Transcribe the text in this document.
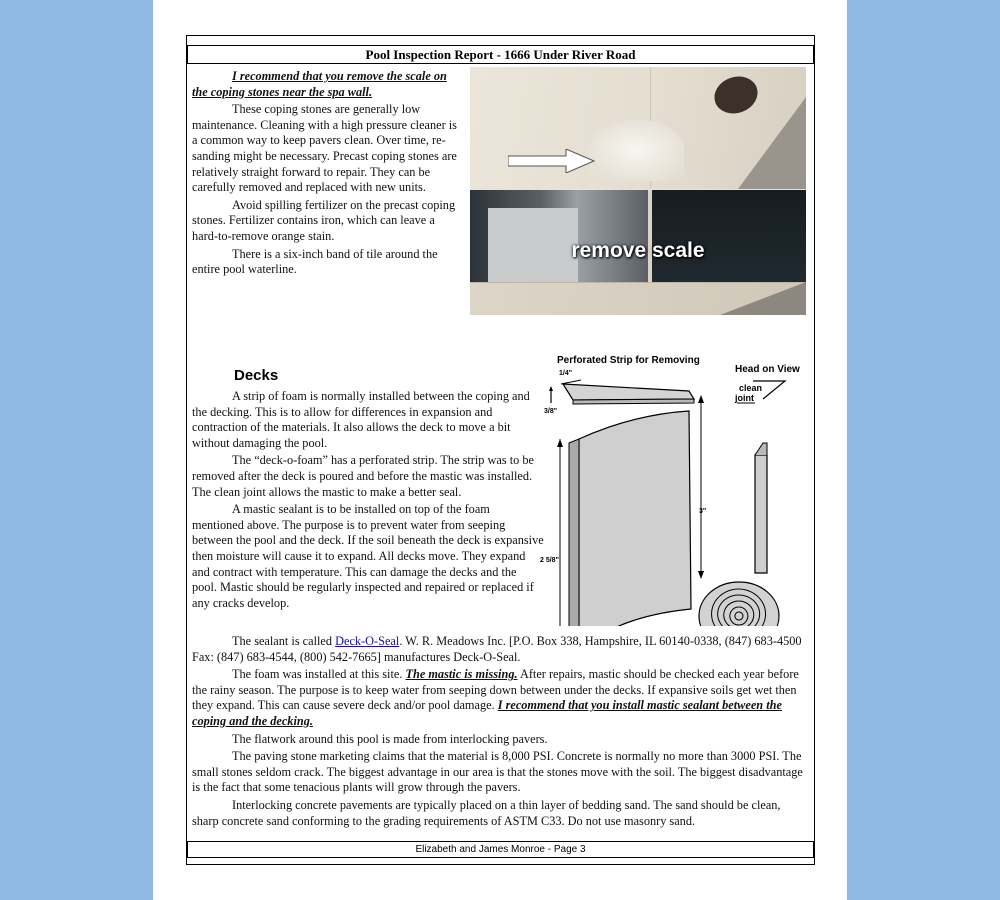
Pool Inspection Report - 1666 Under River Road

I recommend that you remove the scale on the coping stones near the spa wall.

These coping stones are generally low maintenance. Cleaning with a high pressure cleaner is a common way to keep pavers clean. Over time, re-sanding might be necessary. Precast coping stones are relatively straight forward to repair. They can be carefully removed and replaced with new units.

Avoid spilling fertilizer on the precast coping stones. Fertilizer contains iron, which can leave a hard-to-remove orange stain.

There is a six-inch band of tile around the entire pool waterline.

remove scale
Decks

A strip of foam is normally installed between the coping and the decking. This is to allow for differences in expansion and contraction of the materials. It also allows the deck to move a bit without damaging the pool.

The “deck-o-foam” has a perforated strip. The strip was to be removed after the deck is poured and before the mastic was installed. The clean joint allows the mastic to make a better seal.

A mastic sealant is to be installed on top of the foam mentioned above. The purpose is to prevent water from seeping between the pool and the deck. If the soil beneath the deck is expansive then moisture will cause it to expand. All decks move. They expand and contract with temperature. This can damage the decks and the pool. Mastic should be regularly inspected and repaired or replaced if any cracks develop.

Perforated Strip for Removing
Head on View
1/4"
3/8"
3"
2 5/8"
clean
joint

The sealant is called Deck-O-Seal. W. R. Meadows Inc. [P.O. Box 338, Hampshire, IL 60140-0338, (847) 683-4500 Fax: (847) 683-4544, (800) 542-7665] manufactures Deck-O-Seal.

The foam was installed at this site. The mastic is missing. After repairs, mastic should be checked each year before the rainy season. The purpose is to keep water from seeping down between under the decks. If expansive soils get wet then they expand. This can cause severe deck and/or pool damage. I recommend that you install mastic sealant between the coping and the decking.

The flatwork around this pool is made from interlocking pavers.

The paving stone marketing claims that the material is 8,000 PSI. Concrete is normally no more than 3000 PSI. The small stones seldom crack. The biggest advantage in our area is that the stones move with the soil. The biggest disadvantage is the fact that some tenacious plants will grow through the pavers.

Interlocking concrete pavements are typically placed on a thin layer of bedding sand. The sand should be clean, sharp concrete sand conforming to the grading requirements of ASTM C33. Do not use masonry sand.

Elizabeth and James Monroe - Page 3
